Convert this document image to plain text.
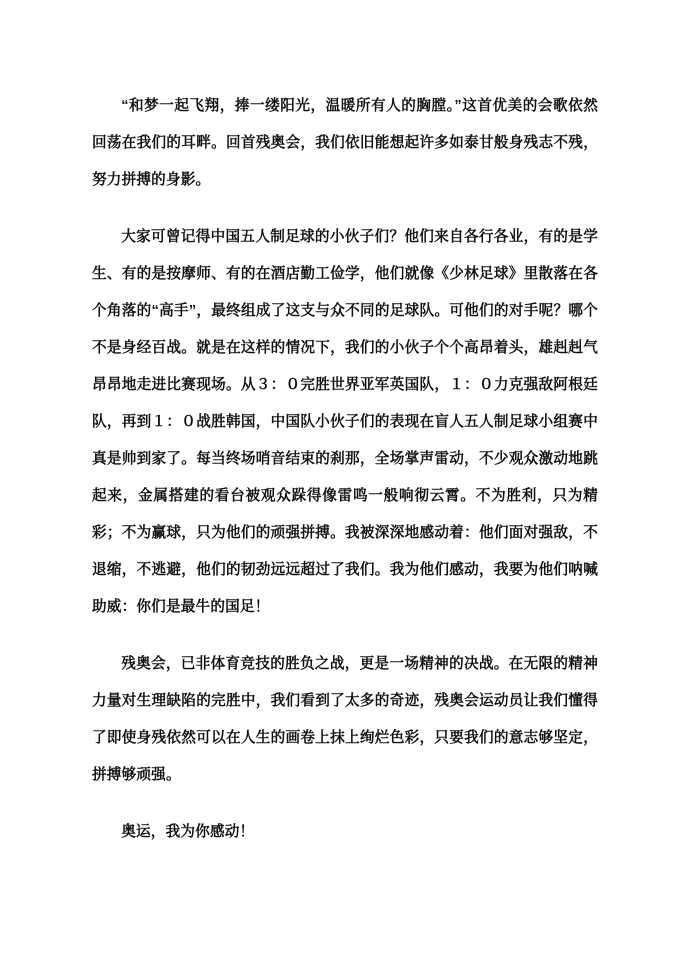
“和梦一起飞翔，捧一缕阳光，温暖所有人的胸膛。”这首优美的会歌依然回荡在我们的耳畔。回首残奥会，我们依旧能想起许多如泰甘般身残志不残，努力拼搏的身影。

大家可曾记得中国五人制足球的小伙子们？他们来自各行各业，有的是学生、有的是按摩师、有的在酒店勤工俭学，他们就像《少林足球》里散落在各个角落的“高手”，最终组成了这支与众不同的足球队。可他们的对手呢？哪个不是身经百战。就是在这样的情况下，我们的小伙子个个高昂着头，雄赳赳气昂昂地走进比赛现场。从３：０完胜世界亚军英国队，１：０力克强敌阿根廷队，再到１：０战胜韩国，中国队小伙子们的表现在盲人五人制足球小组赛中真是帅到家了。每当终场哨音结束的刹那，全场掌声雷动，不少观众激动地跳起来，金属搭建的看台被观众跺得像雷鸣一般响彻云霄。不为胜利，只为精彩；不为赢球，只为他们的顽强拼搏。我被深深地感动着：他们面对强敌，不退缩，不逃避，他们的韧劲远远超过了我们。我为他们感动，我要为他们呐喊助威：你们是最牛的国足！

残奥会，已非体育竞技的胜负之战，更是一场精神的决战。在无限的精神力量对生理缺陷的完胜中，我们看到了太多的奇迹，残奥会运动员让我们懂得了即使身残依然可以在人生的画卷上抹上绚烂色彩，只要我们的意志够坚定，拼搏够顽强。

奥运，我为你感动！
